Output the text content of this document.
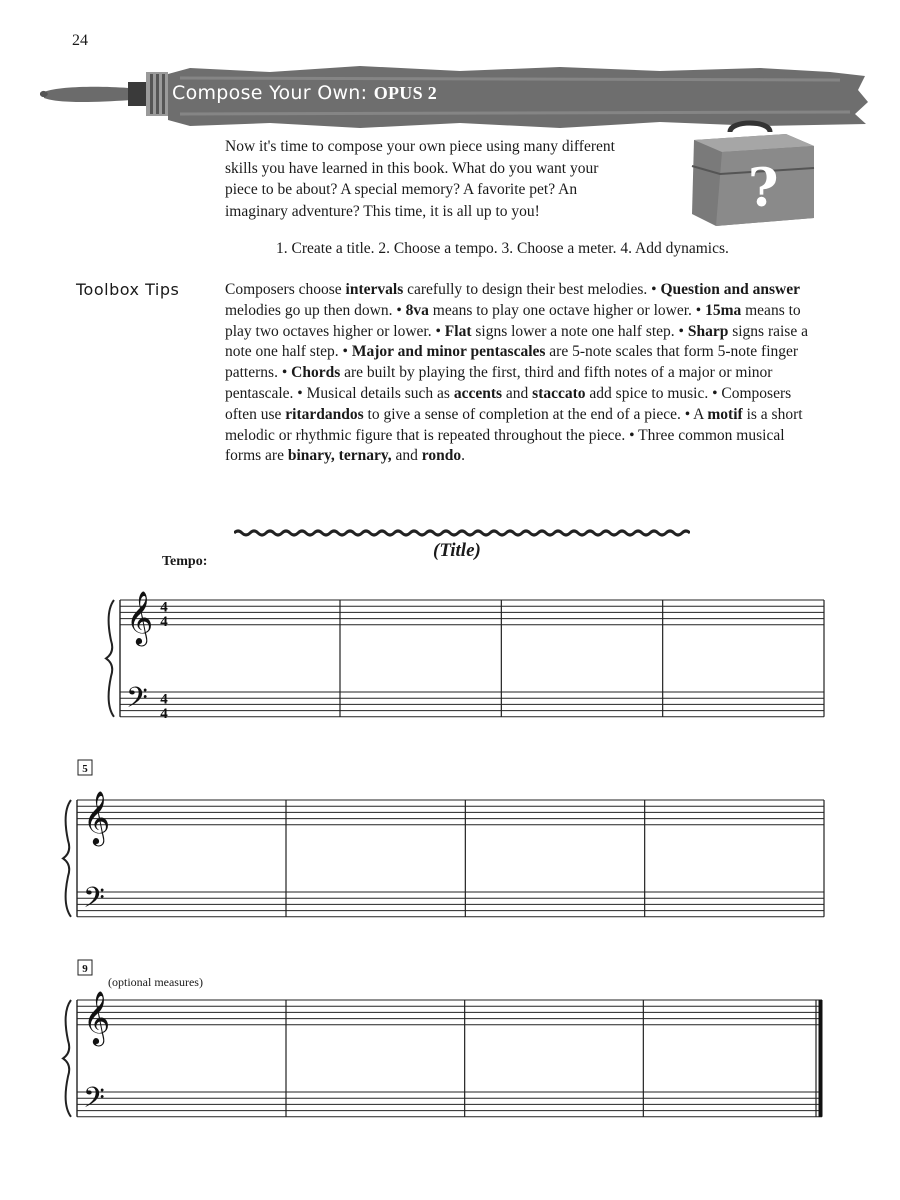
24
Compose Your Own: OPUS 2
Now it's time to compose your own piece using many different
skills you have learned in this book. What do you want your
piece to be about? A special memory? A favorite pet? An
imaginary adventure? This time, it is all up to you!	?
1. Create a title. 2. Choose a tempo. 3. Choose a meter. 4. Add dynamics.
Toolbox Tips	Composers choose intervals carefully to design their best melodies. • Question and answer melodies go up then down. • 8va means to play one octave higher or lower. • 15ma means to play two octaves higher or lower. • Flat signs lower a note one half step. • Sharp signs raise a note one half step. • Major and minor pentascales are 5-note scales that form 5-note finger patterns. • Chords are built by playing the first, third and fifth notes of a major or minor pentascale. • Musical details such as accents and staccato add spice to music. • Composers often use ritardandos to give a sense of completion at the end of a piece. • A motif is a short melodic or rhythmic figure that is repeated throughout the piece. • Three common musical forms are binary, ternary, and rondo.
(Title)
Tempo:
(optional measures)
𝄞
𝄢
4
4
4
4
𝄞
𝄢
5
𝄞
𝄢
9
